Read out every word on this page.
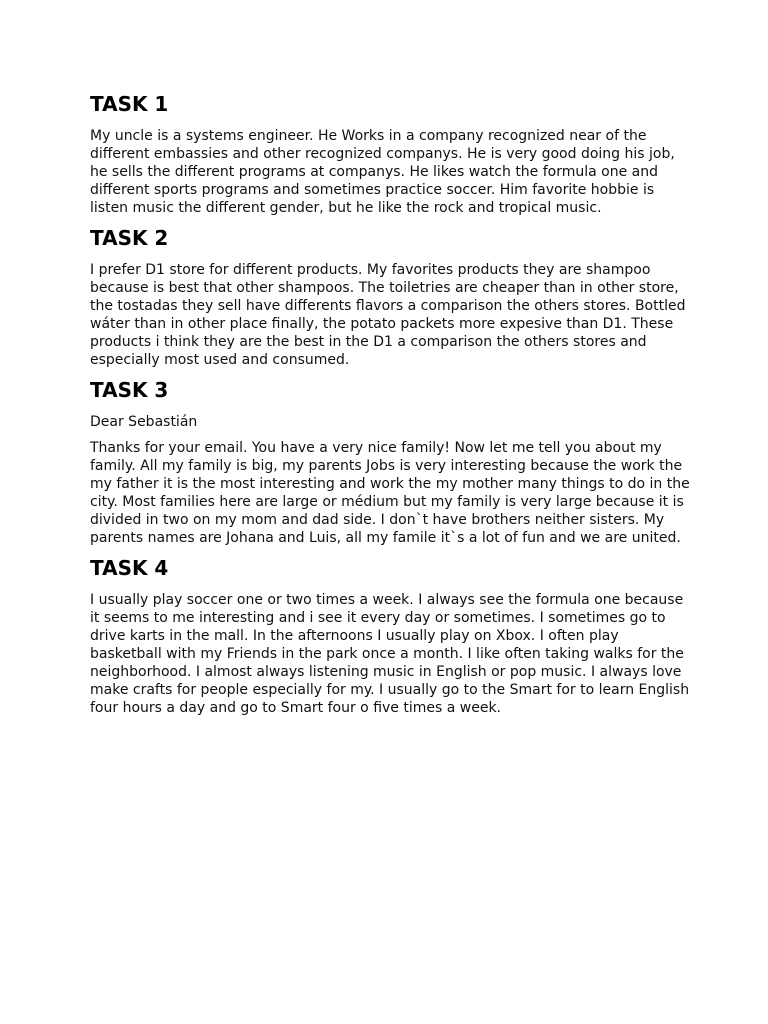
TASK 1

My uncle is a systems engineer. He Works in a company recognized near of the different embassies and other recognized companys. He is very good doing his job, he sells the different programs at companys. He likes watch the formula one and different sports programs and sometimes practice soccer. Him favorite hobbie is listen music the different gender, but he like the rock and tropical music.

TASK 2

I prefer D1 store for different products. My favorites products they are shampoo because is best that other shampoos. The toiletries are cheaper than in other store, the tostadas they sell have differents flavors a comparison the others stores. Bottled wáter than in other place finally, the potato packets more expesive than D1. These products i think they are the best in the D1 a comparison the others stores and especially most used and consumed.

TASK 3

Dear Sebastián

Thanks for your email. You have a very nice family! Now let me tell you about my family. All my family is big, my parents Jobs is very interesting because the work the my father it is the most interesting and work the my mother many things to do in the city. Most families here are large or médium but my family is very large because it is divided in two on my mom and dad side. I don`t have brothers neither sisters. My parents names are Johana and Luis, all my famile it`s a lot of fun and we are united.

TASK 4

I usually play soccer one or two times a week. I always see the formula one because it seems to me interesting and i see it every day or sometimes. I sometimes go to drive karts in the mall. In the afternoons I usually play on Xbox. I often play basketball with my Friends in the park once a month. I like often taking walks for the neighborhood. I almost always listening music in English or pop music. I always love make crafts for people especially for my. I usually go to the Smart for to learn English four hours a day and go to Smart four o five times a week.
